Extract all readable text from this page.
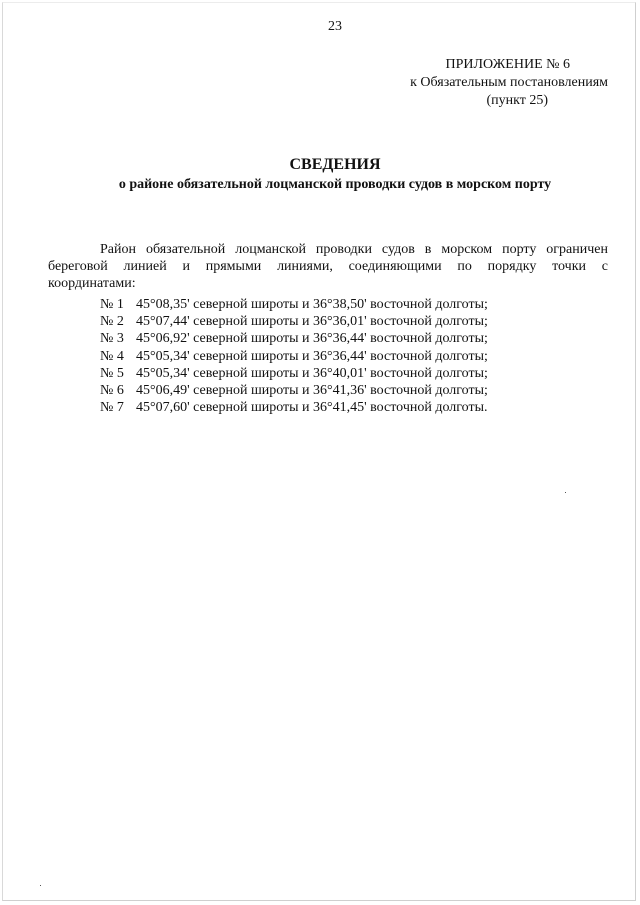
23
ПРИЛОЖЕНИЕ № 6
к Обязательным постановлениям
(пункт 25)
СВЕДЕНИЯ
о районе обязательной лоцманской проводки судов в морском порту
Район обязательной лоцманской проводки судов в морском порту ограничен
береговой линией и прямыми линиями, соединяющими по порядку точки с
координатами:
№ 1 45°08,35' северной широты и 36°38,50' восточной долготы;
№ 2 45°07,44' северной широты и 36°36,01' восточной долготы;
№ 3 45°06,92' северной широты и 36°36,44' восточной долготы;
№ 4 45°05,34' северной широты и 36°36,44' восточной долготы;
№ 5 45°05,34' северной широты и 36°40,01' восточной долготы;
№ 6 45°06,49' северной широты и 36°41,36' восточной долготы;
№ 7 45°07,60' северной широты и 36°41,45' восточной долготы.
